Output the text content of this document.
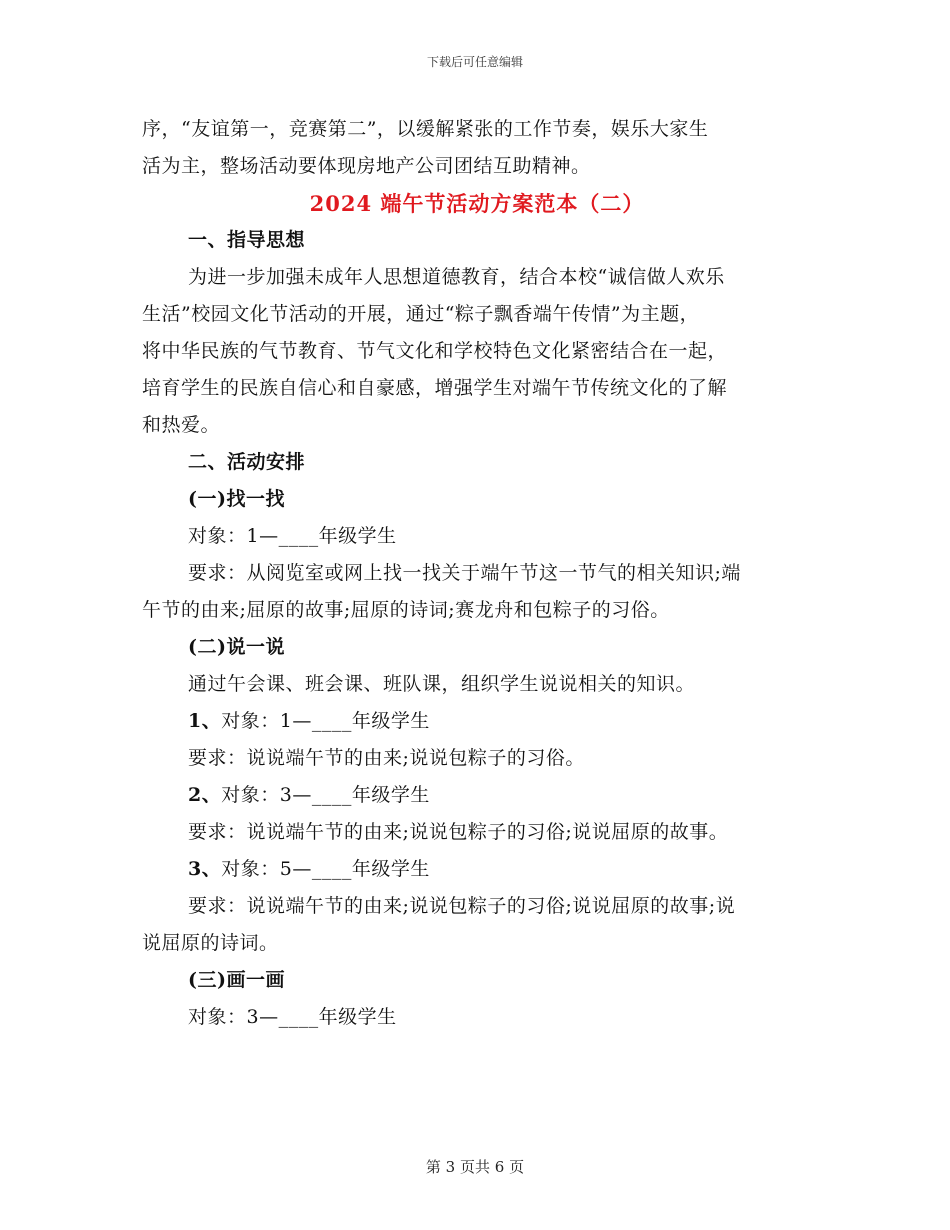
下载后可任意编辑
序，“友谊第一，竞赛第二”，以缓解紧张的工作节奏，娱乐大家生
活为主，整场活动要体现房地产公司团结互助精神。
2024 端午节活动方案范本（二）
一、指导思想
为进一步加强未成年人思想道德教育，结合本校“诚信做人欢乐
生活”校园文化节活动的开展，通过“粽子飘香端午传情”为主题，
将中华民族的气节教育、节气文化和学校特色文化紧密结合在一起，
培育学生的民族自信心和自豪感，增强学生对端午节传统文化的了解
和热爱。
二、活动安排
(一)找一找
对象：1—____年级学生
要求：从阅览室或网上找一找关于端午节这一节气的相关知识;端
午节的由来;屈原的故事;屈原的诗词;赛龙舟和包粽子的习俗。
(二)说一说
通过午会课、班会课、班队课，组织学生说说相关的知识。
1、对象：1—____年级学生
要求：说说端午节的由来;说说包粽子的习俗。
2、对象：3—____年级学生
要求：说说端午节的由来;说说包粽子的习俗;说说屈原的故事。
3、对象：5—____年级学生
要求：说说端午节的由来;说说包粽子的习俗;说说屈原的故事;说
说屈原的诗词。
(三)画一画
对象：3—____年级学生
第 3 页共 6 页
